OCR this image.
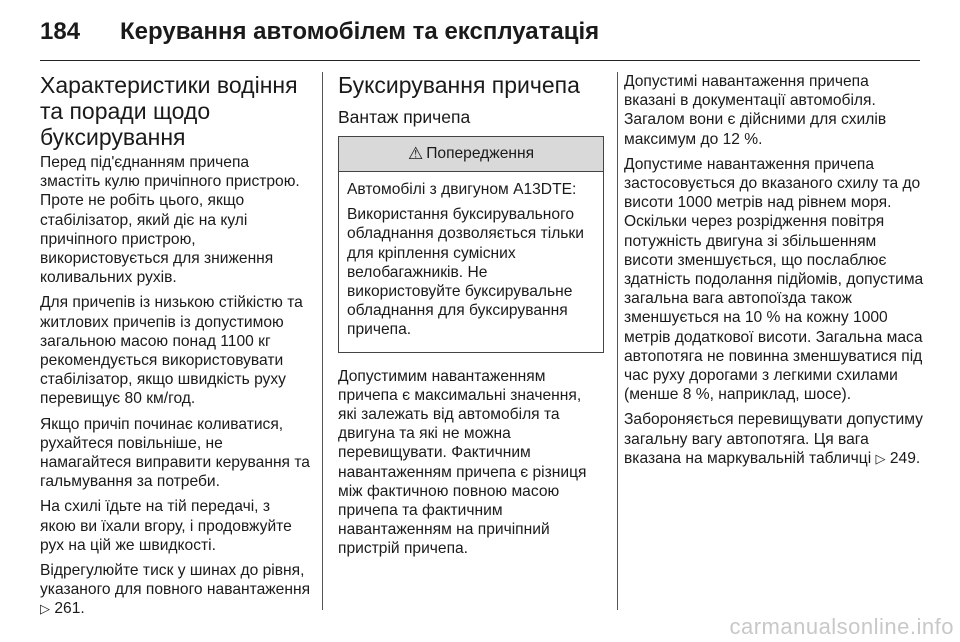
184	Керування автомобілем та експлуатація
Характеристики водіння та поради щодо буксирування

Перед під'єднанням причепа змастіть кулю причіпного пристрою. Проте не робіть цього, якщо стабілізатор, який діє на кулі причіпного пристрою, використовується для зниження коливальних рухів.

Для причепів із низькою стійкістю та житлових причепів із допустимою загальною масою понад 1100 кг рекомендується використовувати стабілізатор, якщо швидкість руху перевищує 80 км/год.

Якщо причіп починає коливатися, рухайтеся повільніше, не намагайтеся виправити керування та гальмування за потреби.

На схилі їдьте на тій передачі, з якою ви їхали вгору, і продовжуйте рух на цій же швидкості.

Відрегулюйте тиск у шинах до рівня, указаного для повного навантаження ▷ 261.

Буксирування причепа
Вантаж причепа
⚠ Попередження

Автомобілі з двигуном A13DTE:

Використання буксирувального обладнання дозволяється тільки для кріплення сумісних велобагажників. Не використовуйте буксирувальне обладнання для буксирування причепа.

Допустимим навантаженням причепа є максимальні значення, які залежать від автомобіля та двигуна та які не можна перевищувати. Фактичним навантаженням причепа є різниця між фактичною повною масою причепа та фактичним навантаженням на причіпний пристрій причепа.

Допустимі навантаження причепа вказані в документації автомобіля. Загалом вони є дійсними для схилів максимум до 12 %.

Допустиме навантаження причепа застосовується до вказаного схилу та до висоти 1000 метрів над рівнем моря. Оскільки через розрідження повітря потужність двигуна зі збільшенням висоти зменшується, що послаблює здатність подолання підйомів, допустима загальна вага автопоїзда також зменшується на 10 % на кожну 1000 метрів додаткової висоти. Загальна маса автопотяга не повинна зменшуватися під час руху дорогами з легкими схилами (менше 8 %, наприклад, шосе).

Забороняється перевищувати допустиму загальну вагу автопотяга. Ця вага вказана на маркувальній табличці ▷ 249.

carmanualsonline.info
